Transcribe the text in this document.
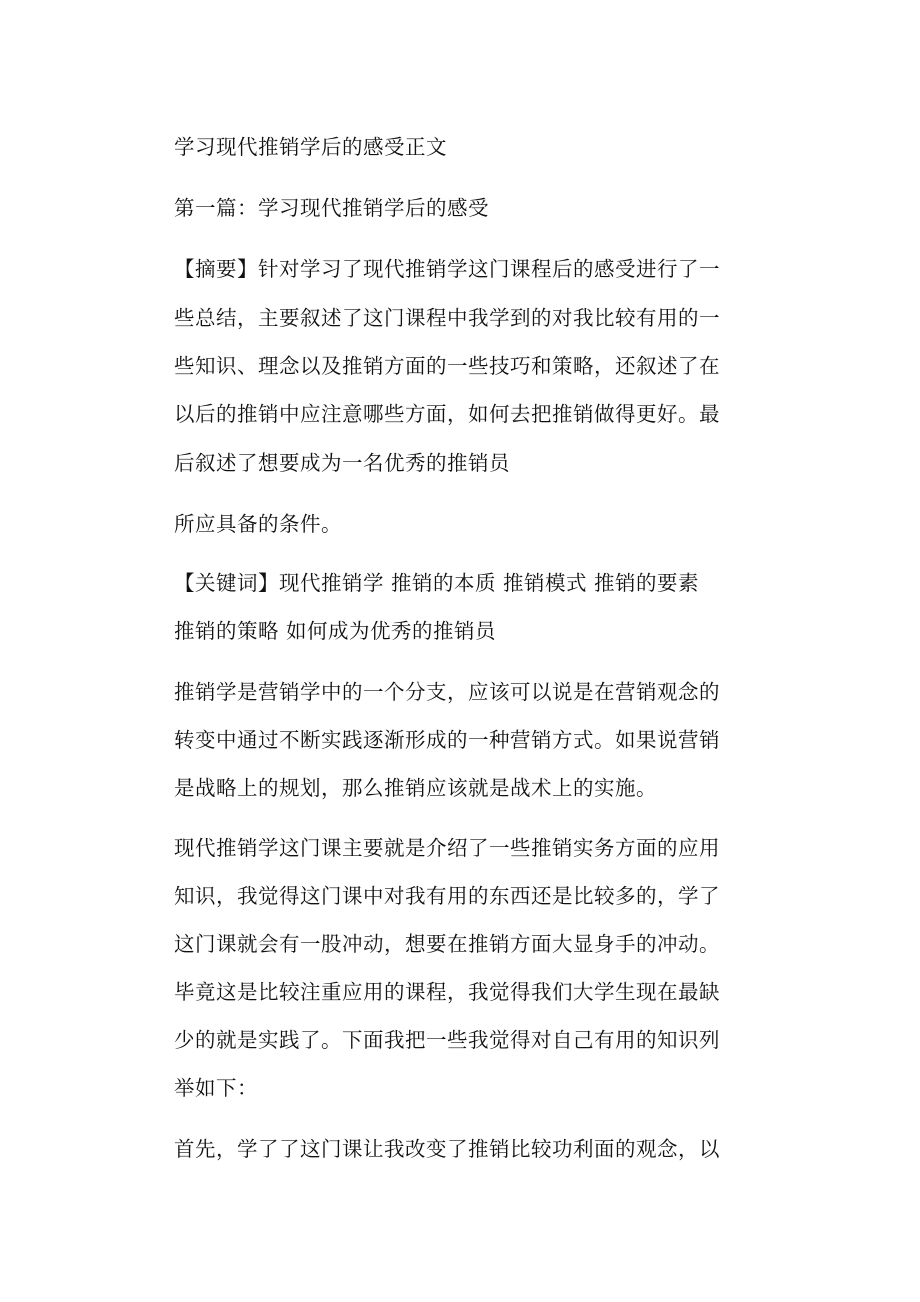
学习现代推销学后的感受正文
第一篇：学习现代推销学后的感受
【摘要】针对学习了现代推销学这门课程后的感受进行了一
些总结，主要叙述了这门课程中我学到的对我比较有用的一
些知识、理念以及推销方面的一些技巧和策略，还叙述了在
以后的推销中应注意哪些方面，如何去把推销做得更好。最
后叙述了想要成为一名优秀的推销员
所应具备的条件。
【关键词】现代推销学 推销的本质 推销模式 推销的要素
推销的策略 如何成为优秀的推销员
推销学是营销学中的一个分支，应该可以说是在营销观念的
转变中通过不断实践逐渐形成的一种营销方式。如果说营销
是战略上的规划，那么推销应该就是战术上的实施。
现代推销学这门课主要就是介绍了一些推销实务方面的应用
知识，我觉得这门课中对我有用的东西还是比较多的，学了
这门课就会有一股冲动，想要在推销方面大显身手的冲动。
毕竟这是比较注重应用的课程，我觉得我们大学生现在最缺
少的就是实践了。下面我把一些我觉得对自己有用的知识列
举如下：
首先，学了了这门课让我改变了推销比较功利面的观念，以
